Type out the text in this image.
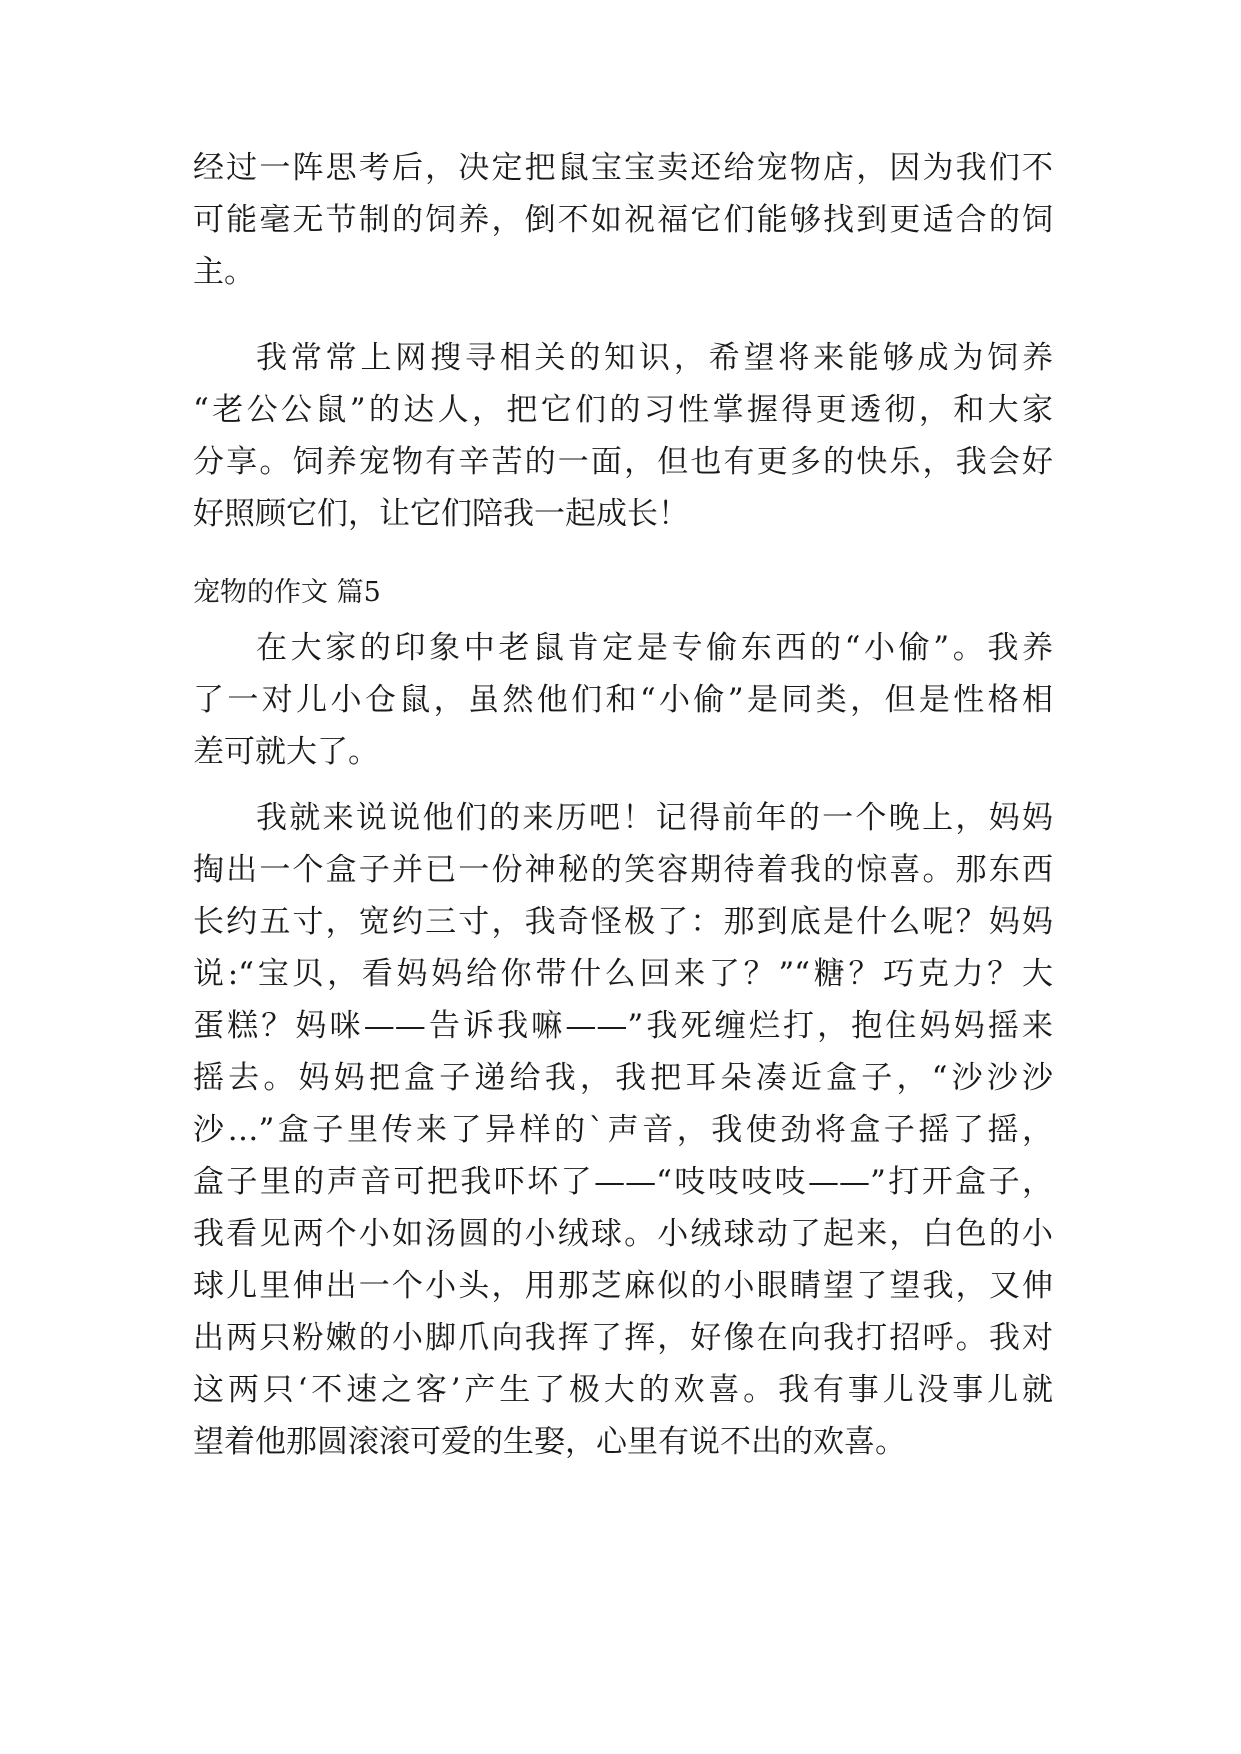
经过一阵思考后，决定把鼠宝宝卖还给宠物店，因为我们不
可能毫无节制的饲养，倒不如祝福它们能够找到更适合的饲
主。
我常常上网搜寻相关的知识，希望将来能够成为饲养
“老公公鼠”的达人，把它们的习性掌握得更透彻，和大家
分享。饲养宠物有辛苦的一面，但也有更多的快乐，我会好
好照顾它们，让它们陪我一起成长！
宠物的作文 篇5
在大家的印象中老鼠肯定是专偷东西的“小偷”。我养
了一对儿小仓鼠，虽然他们和“小偷”是同类，但是性格相
差可就大了。
我就来说说他们的来历吧！记得前年的一个晚上，妈妈
掏出一个盒子并已一份神秘的笑容期待着我的惊喜。那东西
长约五寸，宽约三寸，我奇怪极了：那到底是什么呢？妈妈
说:“宝贝，看妈妈给你带什么回来了？”“糖？巧克力？大
蛋糕？妈咪——告诉我嘛——”我死缠烂打，抱住妈妈摇来
摇去。妈妈把盒子递给我，我把耳朵凑近盒子，“沙沙沙
沙…”盒子里传来了异样的`声音，我使劲将盒子摇了摇，
盒子里的声音可把我吓坏了——“吱吱吱吱——”打开盒子，
我看见两个小如汤圆的小绒球。小绒球动了起来，白色的小
球儿里伸出一个小头，用那芝麻似的小眼睛望了望我，又伸
出两只粉嫩的小脚爪向我挥了挥，好像在向我打招呼。我对
这两只‘不速之客’产生了极大的欢喜。我有事儿没事儿就
望着他那圆滚滚可爱的生娶，心里有说不出的欢喜。
